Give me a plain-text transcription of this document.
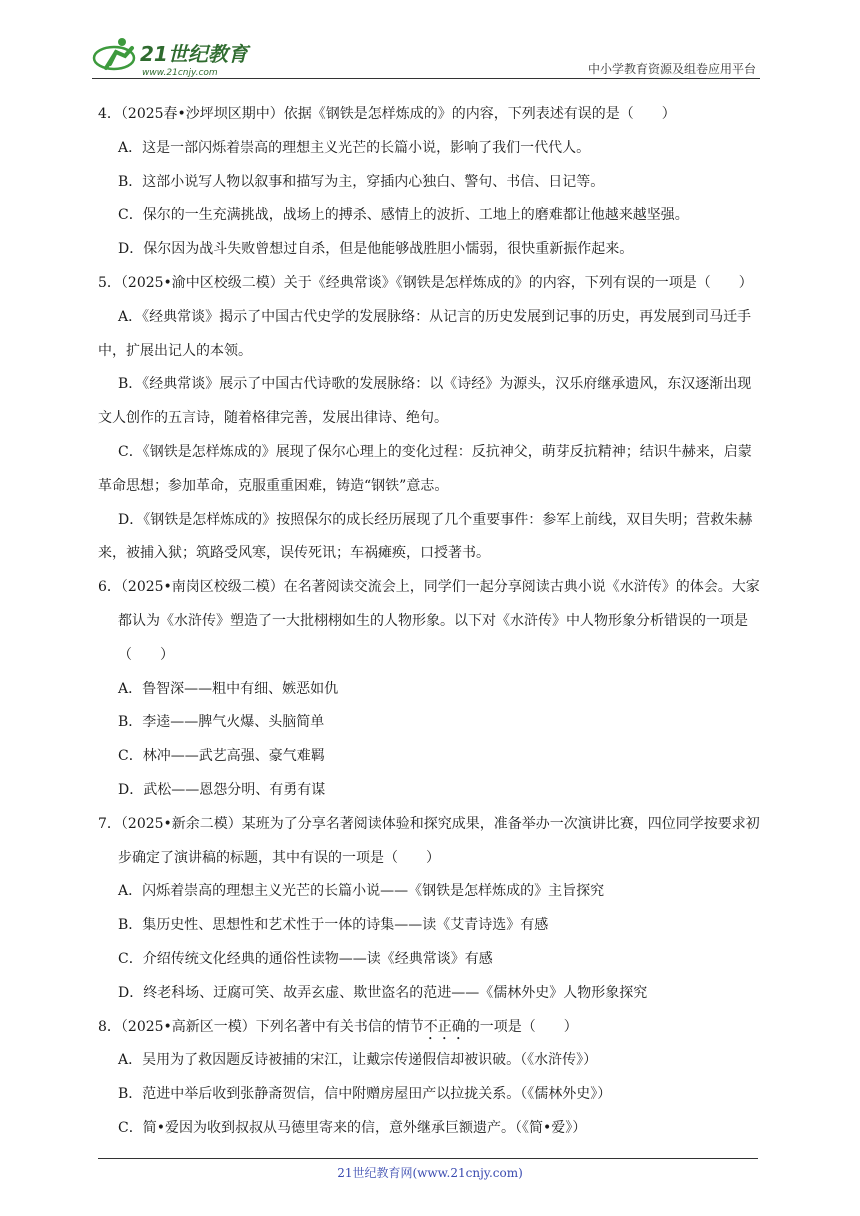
21世纪教育
www.21cnjy.com	中小学教育资源及组卷应用平台

4．（2025春•沙坪坝区期中）依据《钢铁是怎样炼成的》的内容，下列表述有误的是（　　）

A．这是一部闪烁着崇高的理想主义光芒的长篇小说，影响了我们一代代人。

B．这部小说写人物以叙事和描写为主，穿插内心独白、警句、书信、日记等。

C．保尔的一生充满挑战，战场上的搏杀、感情上的波折、工地上的磨难都让他越来越坚强。

D．保尔因为战斗失败曾想过自杀，但是他能够战胜胆小懦弱，很快重新振作起来。

5．（2025•渝中区校级二模）关于《经典常谈》《钢铁是怎样炼成的》的内容，下列有误的一项是（　　）

A．《经典常谈》揭示了中国古代史学的发展脉络：从记言的历史发展到记事的历史，再发展到司马迁手中，扩展出记人的本领。

B．《经典常谈》展示了中国古代诗歌的发展脉络：以《诗经》为源头，汉乐府继承遗风，东汉逐渐出现文人创作的五言诗，随着格律完善，发展出律诗、绝句。

C．《钢铁是怎样炼成的》展现了保尔心理上的变化过程：反抗神父，萌芽反抗精神；结识牛赫来，启蒙革命思想；参加革命，克服重重困难，铸造“钢铁”意志。

D．《钢铁是怎样炼成的》按照保尔的成长经历展现了几个重要事件：参军上前线，双目失明；营救朱赫来，被捕入狱；筑路受风寒，误传死讯；车祸瘫痪，口授著书。

6．（2025•南岗区校级二模）在名著阅读交流会上，同学们一起分享阅读古典小说《水浒传》的体会。大家都认为《水浒传》塑造了一大批栩栩如生的人物形象。以下对《水浒传》中人物形象分析错误的一项是（　　）

A．鲁智深——粗中有细、嫉恶如仇

B．李逵——脾气火爆、头脑简单

C．林冲——武艺高强、豪气难羁

D．武松——恩怨分明、有勇有谋

7．（2025•新余二模）某班为了分享名著阅读体验和探究成果，准备举办一次演讲比赛，四位同学按要求初步确定了演讲稿的标题，其中有误的一项是（　　）

A．闪烁着崇高的理想主义光芒的长篇小说——《钢铁是怎样炼成的》主旨探究

B．集历史性、思想性和艺术性于一体的诗集——读《艾青诗选》有感

C．介绍传统文化经典的通俗性读物——读《经典常谈》有感

D．终老科场、迂腐可笑、故弄玄虚、欺世盗名的范进——《儒林外史》人物形象探究

8．（2025•高新区一模）下列名著中有关书信的情节不正确的一项是（　　）

A．吴用为了救因题反诗被捕的宋江，让戴宗传递假信却被识破。（《水浒传》）

B．范进中举后收到张静斋贺信，信中附赠房屋田产以拉拢关系。（《儒林外史》）

C．简•爱因为收到叔叔从马德里寄来的信，意外继承巨额遗产。（《简•爱》）

21世纪教育网(www.21cnjy.com)
